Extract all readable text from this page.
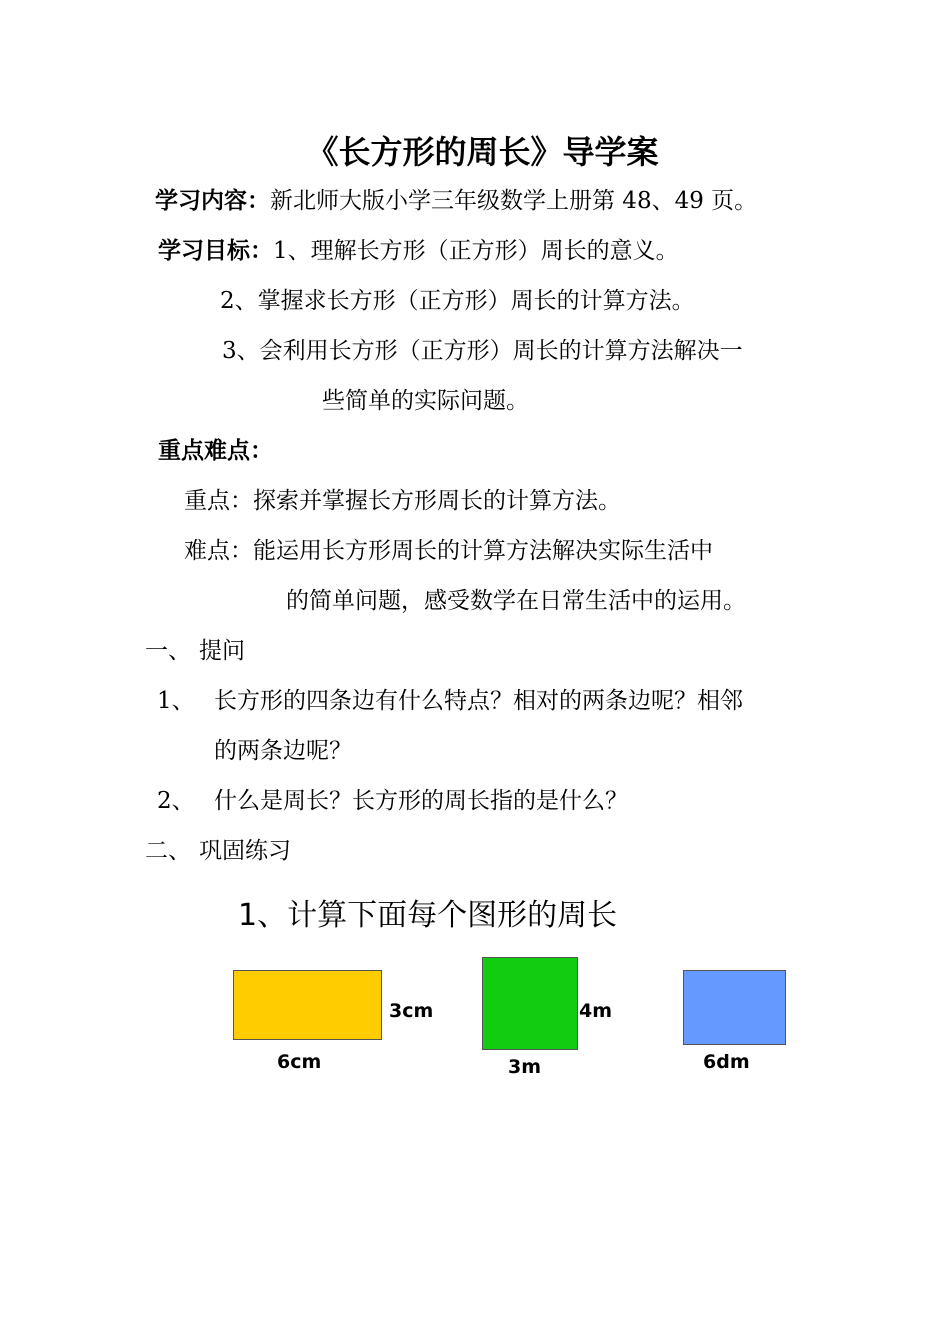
《长方形的周长》导学案
学习内容：新北师大版小学三年级数学上册第 48、49 页。
学习目标：1、理解长方形（正方形）周长的意义。
2、掌握求长方形（正方形）周长的计算方法。
3、会利用长方形（正方形）周长的计算方法解决一
些简单的实际问题。
重点难点：
重点：探索并掌握长方形周长的计算方法。
难点：能运用长方形周长的计算方法解决实际生活中
的简单问题，感受数学在日常生活中的运用。
一、 提问
1、 长方形的四条边有什么特点？相对的两条边呢？相邻
的两条边呢？
2、 什么是周长？长方形的周长指的是什么？
二、 巩固练习
1、计算下面每个图形的周长
3cm
6cm
4m
3m	6dm
